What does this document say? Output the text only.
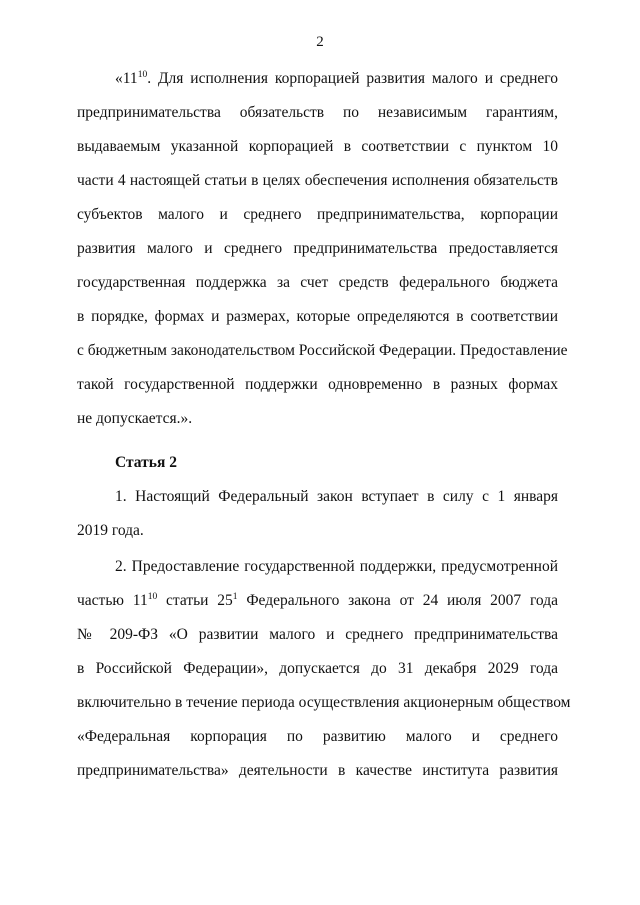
2
«$11^{10}$. Для исполнения корпорацией развития малого и среднего
предпринимательства обязательств по независимым гарантиям,
выдаваемым указанной корпорацией в соответствии с пунктом 10
части 4 настоящей статьи в целях обеспечения исполнения обязательств
субъектов малого и среднего предпринимательства, корпорации
развития малого и среднего предпринимательства предоставляется
государственная поддержка за счет средств федерального бюджета
в порядке, формах и размерах, которые определяются в соответствии
с бюджетным законодательством Российской Федерации. Предоставление
такой государственной поддержки одновременно в разных формах
не допускается.».
Статья 2
1. Настоящий Федеральный закон вступает в силу с 1 января
2019 года.
2. Предоставление государственной поддержки, предусмотренной
частью $11^{10}$ статьи $25^1$ Федерального закона от 24 июля 2007 года
№ 209-ФЗ «О развитии малого и среднего предпринимательства
в Российской Федерации», допускается до 31 декабря 2029 года
включительно в течение периода осуществления акционерным обществом
«Федеральная корпорация по развитию малого и среднего
предпринимательства» деятельности в качестве института развития
